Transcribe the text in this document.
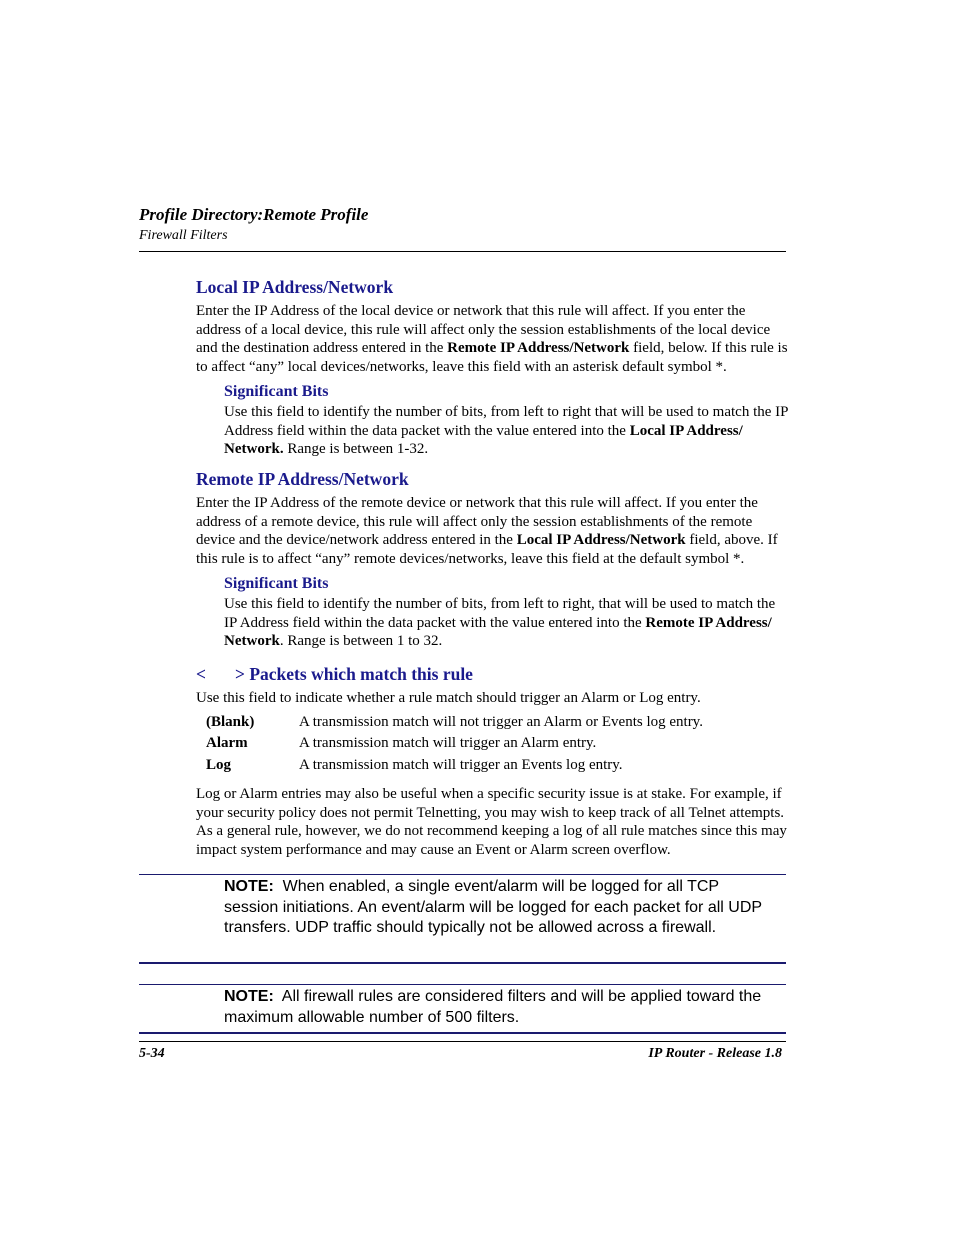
Profile Directory:Remote Profile
Firewall Filters
Local IP Address/Network
Enter the IP Address of the local device or network that this rule will affect. If you enter the address of a local device, this rule will affect only the session establishments of the local device and the destination address entered in the Remote IP Address/Network field, below. If this rule is to affect “any” local devices/networks, leave this field with an asterisk default symbol *.
Significant Bits
Use this field to identify the number of bits, from left to right that will be used to match the IP Address field within the data packet with the value entered into the Local IP Address/ Network. Range is between 1-32.
Remote IP Address/Network
Enter the IP Address of the remote device or network that this rule will affect. If you enter the address of a remote device, this rule will affect only the session establishments of the remote device and the device/network address entered in the Local IP Address/Network field, above. If this rule is to affect “any” remote devices/networks, leave this field at the default symbol *.
Significant Bits
Use this field to identify the number of bits, from left to right, that will be used to match the IP Address field within the data packet with the value entered into the Remote IP Address/ Network. Range is between 1 to 32.
< > Packets which match this rule
Use this field to indicate whether a rule match should trigger an Alarm or Log entry.
(Blank)	A transmission match will not trigger an Alarm or Events log entry.
Alarm	A transmission match will trigger an Alarm entry.
Log	A transmission match will trigger an Events log entry.
Log or Alarm entries may also be useful when a specific security issue is at stake. For example, if your security policy does not permit Telnetting, you may wish to keep track of all Telnet attempts. As a general rule, however, we do not recommend keeping a log of all rule matches since this may impact system performance and may cause an Event or Alarm screen overflow.
NOTE: When enabled, a single event/alarm will be logged for all TCP session initiations. An event/alarm will be logged for each packet for all UDP transfers. UDP traffic should typically not be allowed across a firewall.
NOTE: All firewall rules are considered filters and will be applied toward the maximum allowable number of 500 filters.
5-34	IP Router - Release 1.8
